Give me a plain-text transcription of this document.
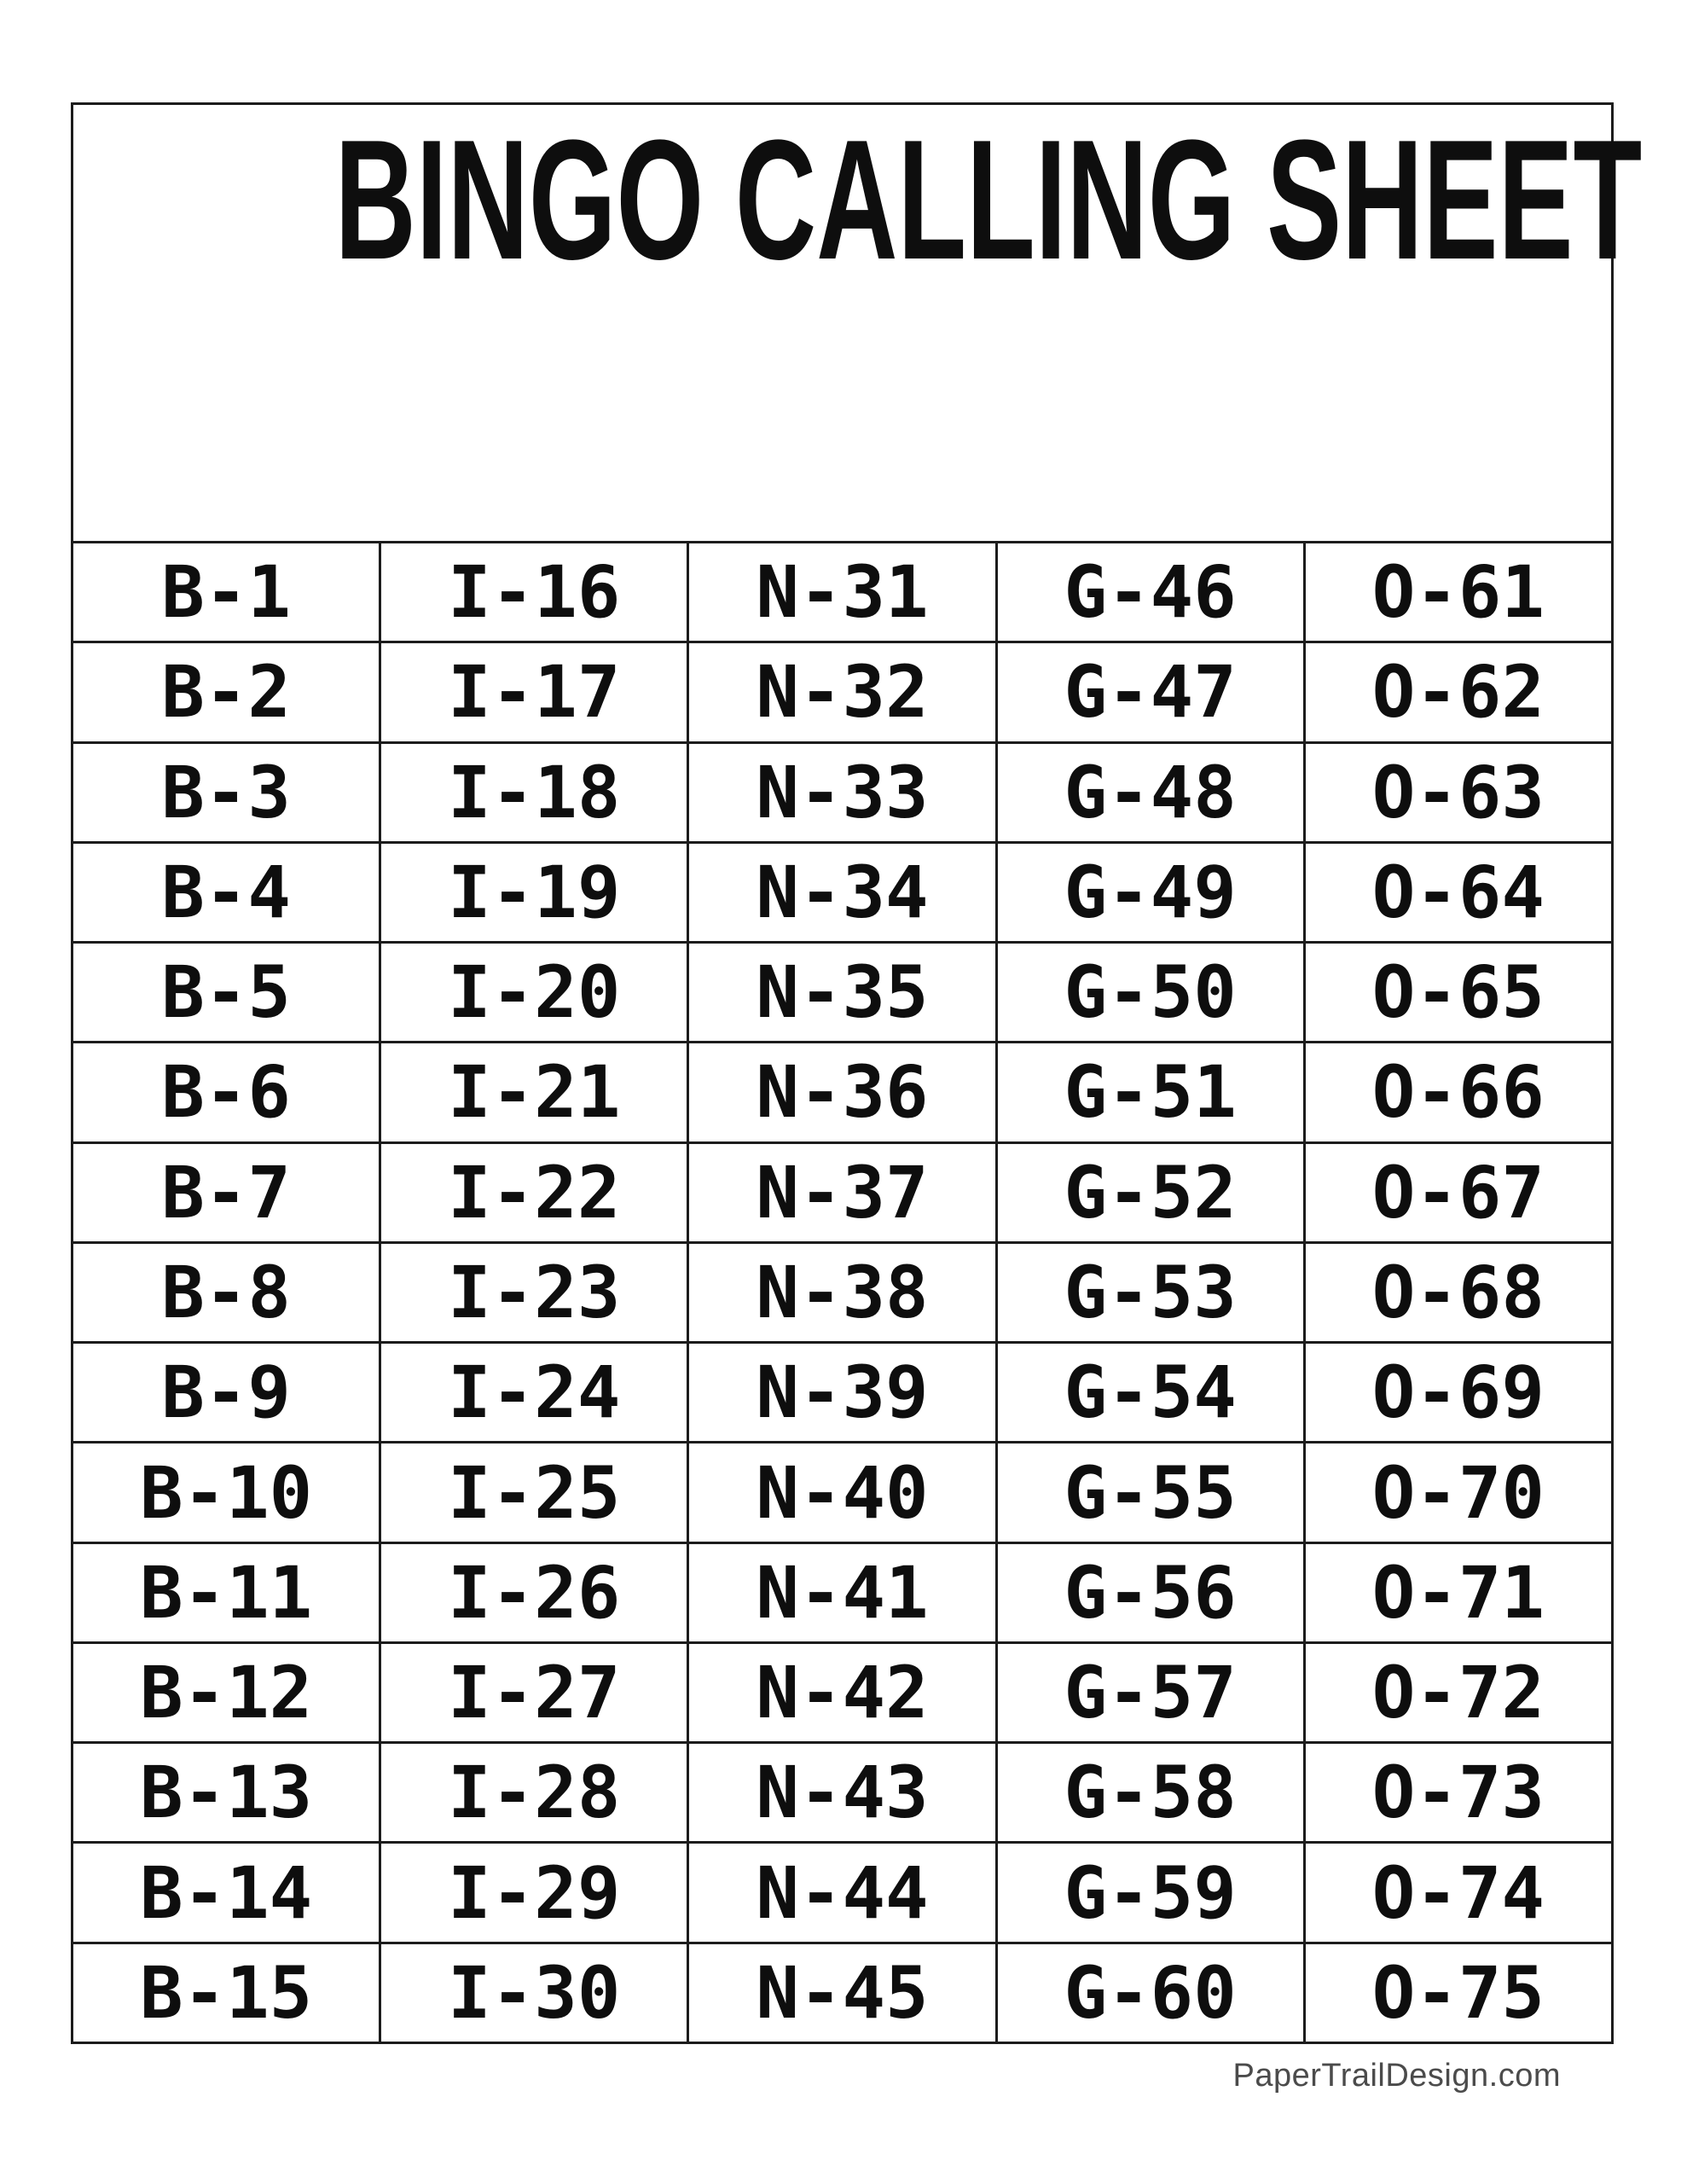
BINGO CALLING SHEET
B-1	I-16	N-31	G-46	O-61
B-2	I-17	N-32	G-47	O-62
B-3	I-18	N-33	G-48	O-63
B-4	I-19	N-34	G-49	O-64
B-5	I-20	N-35	G-50	O-65
B-6	I-21	N-36	G-51	O-66
B-7	I-22	N-37	G-52	O-67
B-8	I-23	N-38	G-53	O-68
B-9	I-24	N-39	G-54	O-69
B-10	I-25	N-40	G-55	O-70
B-11	I-26	N-41	G-56	O-71
B-12	I-27	N-42	G-57	O-72
B-13	I-28	N-43	G-58	O-73
B-14	I-29	N-44	G-59	O-74
B-15	I-30	N-45	G-60	O-75
PaperTrailDesign.com
